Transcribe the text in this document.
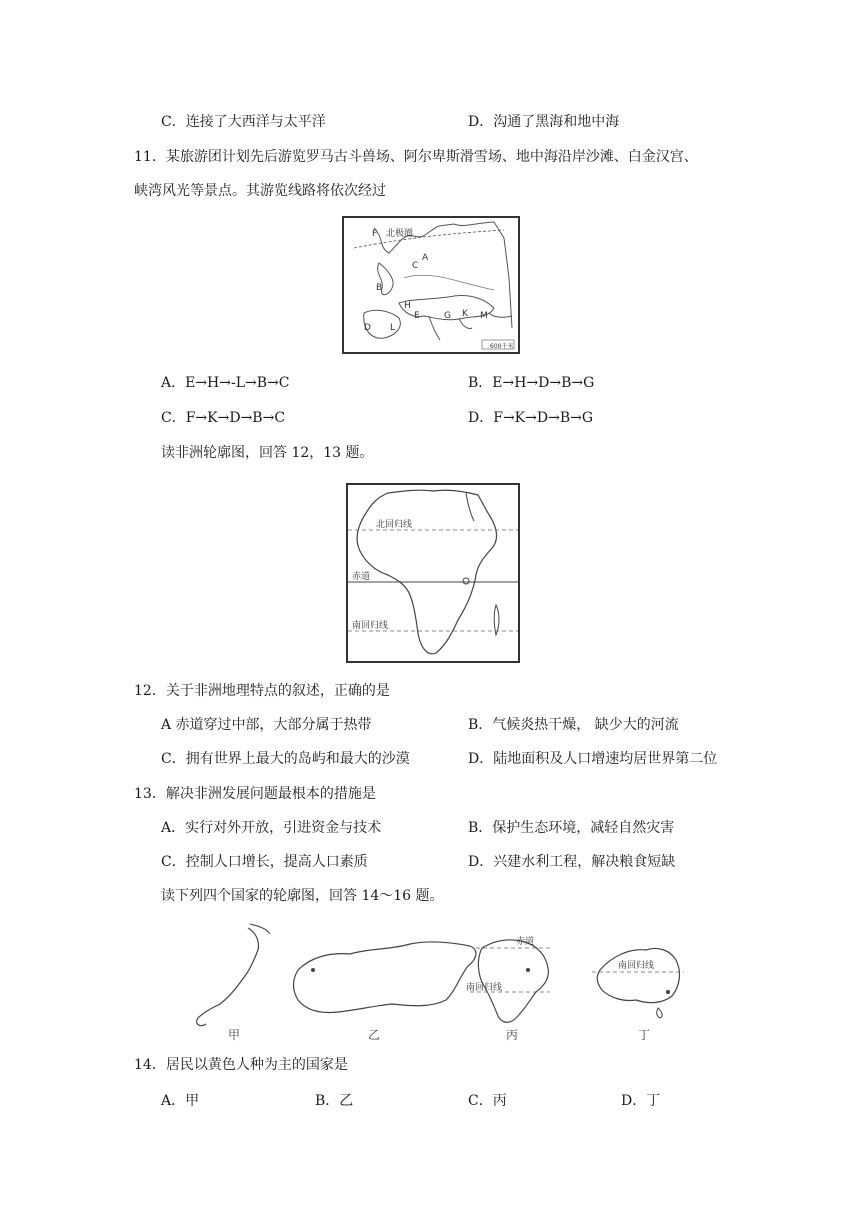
C．连接了大西洋与太平洋	D．沟通了黑海和地中海
11．某旅游团计划先后游览罗马古斗兽场、阿尔卑斯滑雪场、地中海沿岸沙滩、白金汉宫、
峡湾风光等景点。其游览线路将依次经过
北极圈
A
B
C
D
E
F
G
H
K
L
M
600千米
A．E→H→-L→B→C	B．E→H→D→B→G
C．F→K→D→B→C	D．F→K→D→B→G
读非洲轮廓图，回答 12，13 题。
北回归线
赤道
南回归线
12．关于非洲地理特点的叙述，正确的是
A 赤道穿过中部，大部分属于热带	B．气候炎热干燥， 缺少大的河流
C．拥有世界上最大的岛屿和最大的沙漠	D．陆地面积及人口增速均居世界第二位
13．解决非洲发展问题最根本的措施是
A．实行对外开放，引进资金与技术	B．保护生态环境，减轻自然灾害
C．控制人口增长，提高人口素质	D．兴建水利工程，解决粮食短缺
读下列四个国家的轮廓图，回答 14～16 题。
赤道
南回归线
南回归线
甲	乙	丙	丁
14．居民以黄色人种为主的国家是
A．甲	B．乙	C．丙	D．丁
